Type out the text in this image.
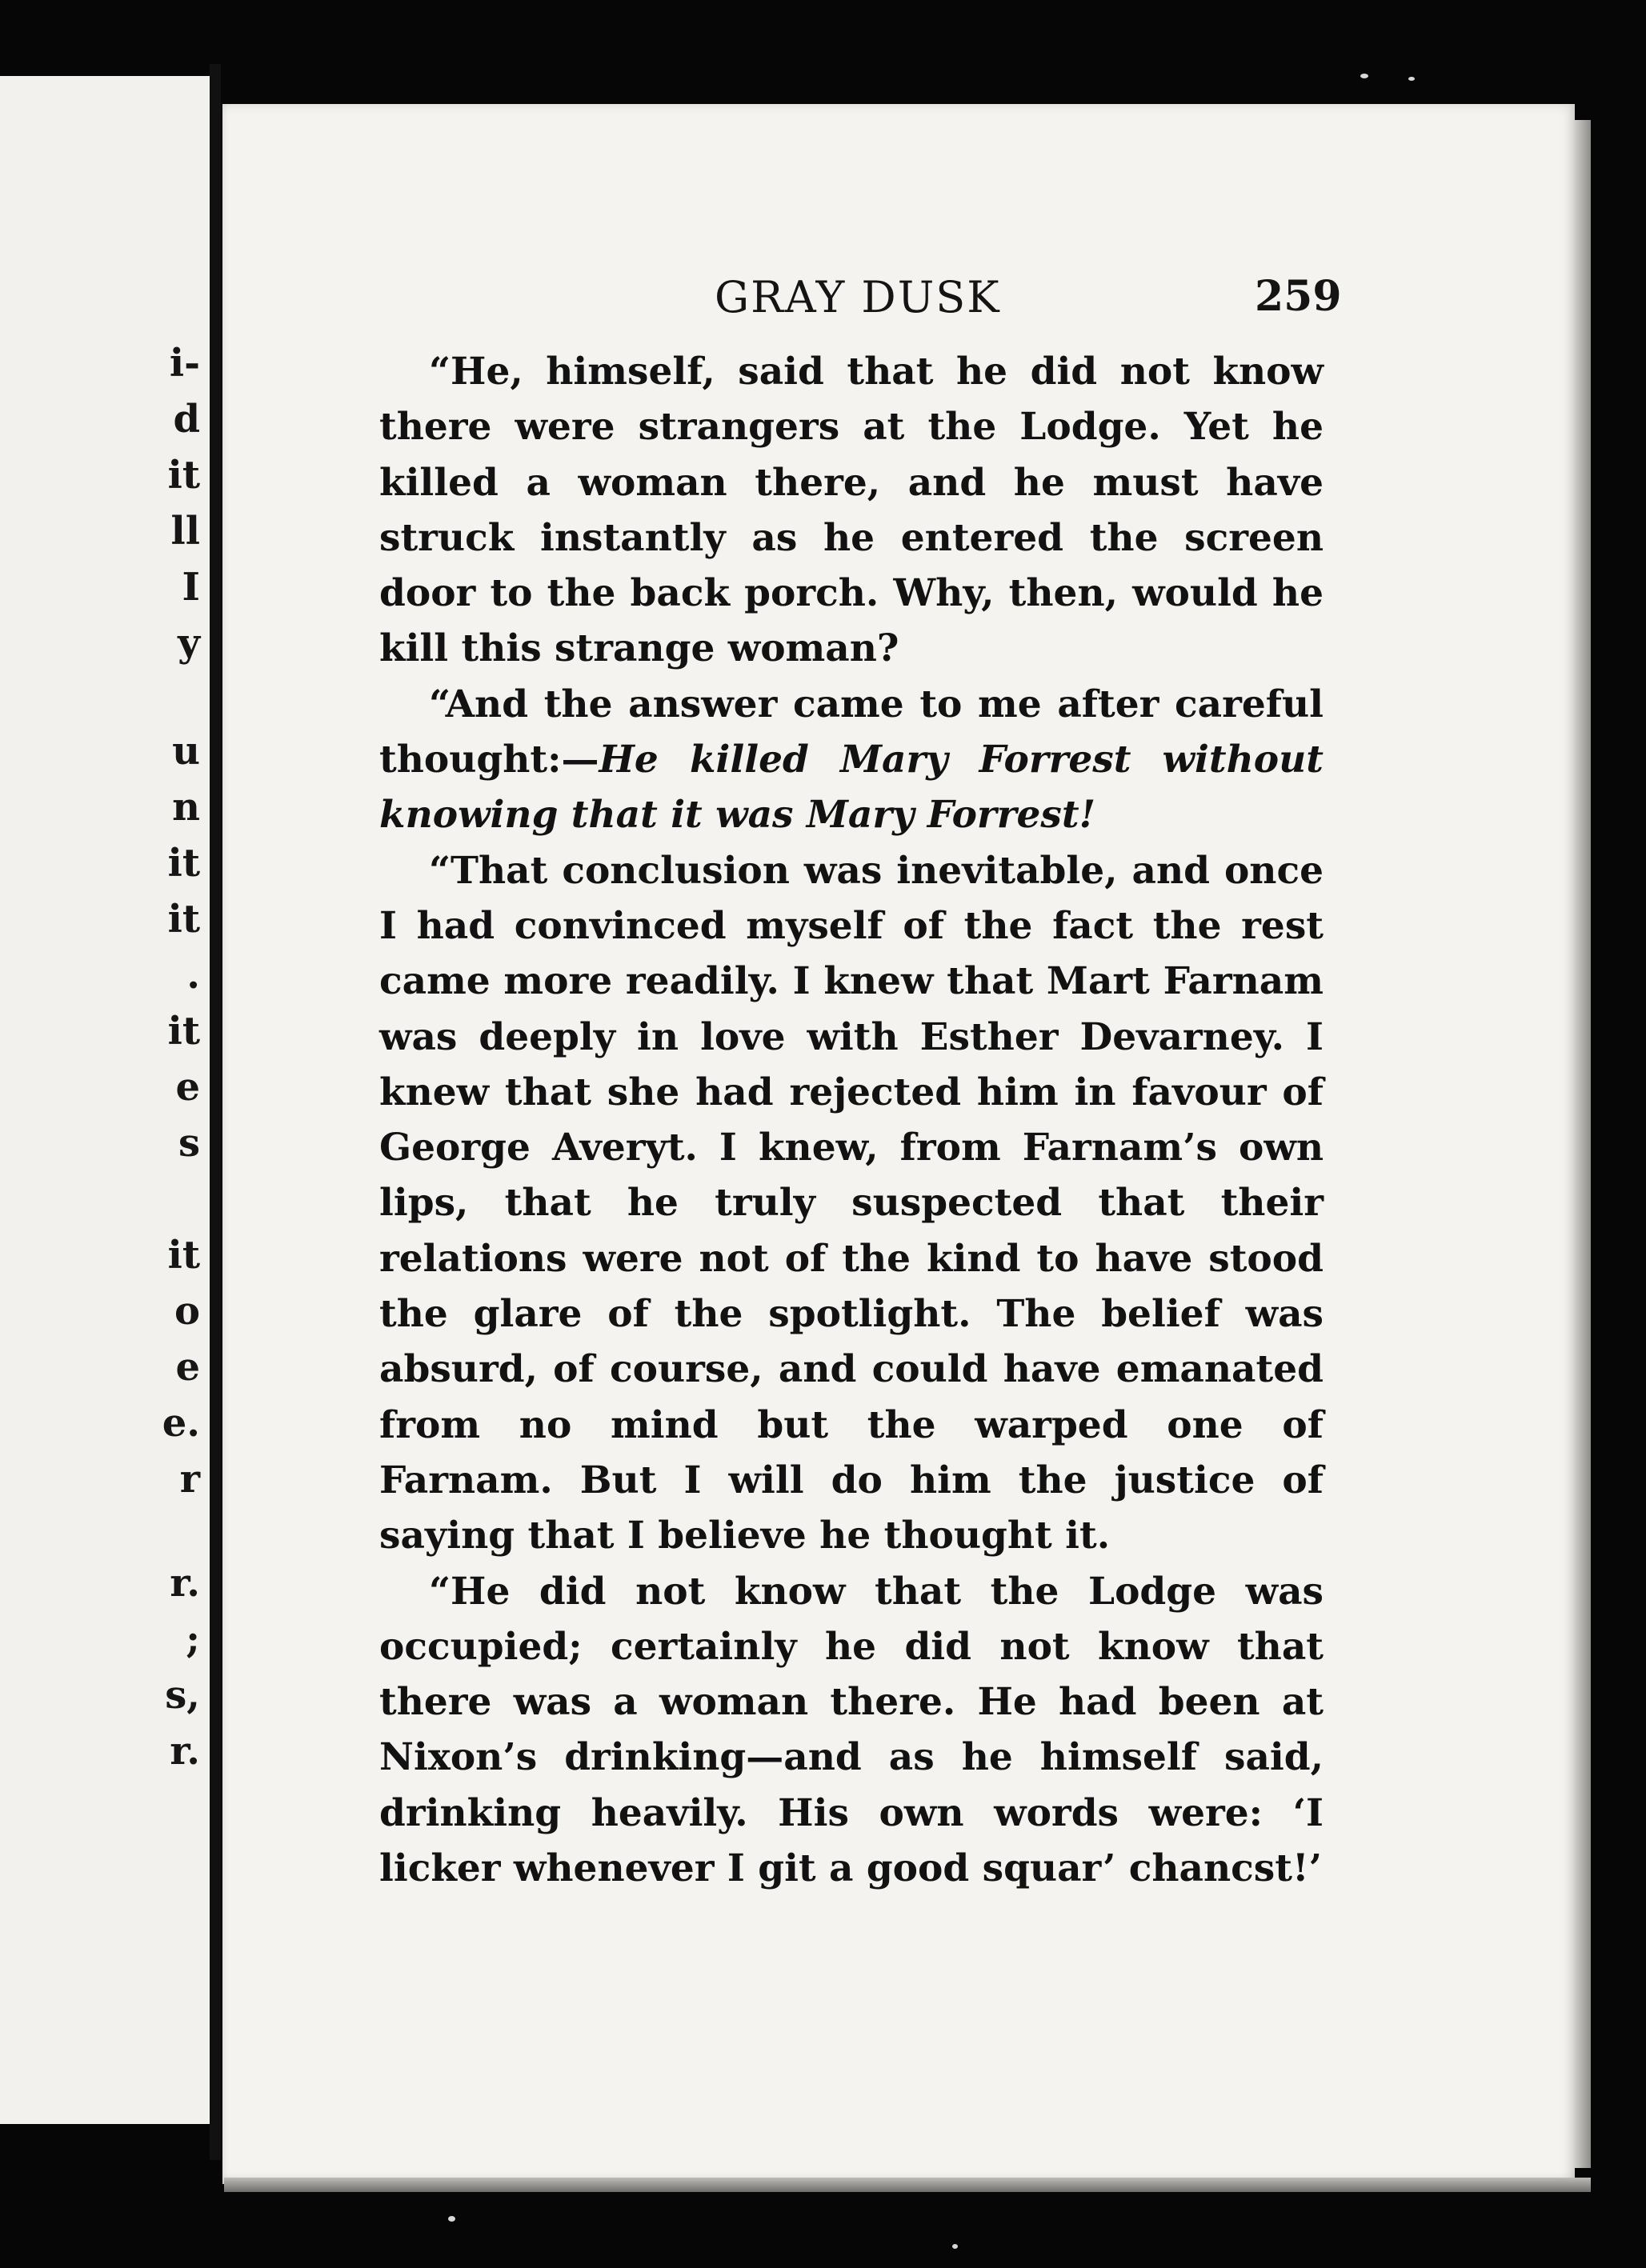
i-
d
it
ll
I
y
u
n
it
it
.
it
e
s
it
o
e
e.
r
r.
;
s,
r.
GRAY DUSK	259

“He, himself, said that he did not know there were strangers at the Lodge. Yet he killed a woman there, and he must have struck instantly as he entered the screen door to the back porch. Why, then, would he kill this strange woman?

“And the answer came to me after careful thought:—He killed Mary Forrest without knowing that it was Mary Forrest!

“That conclusion was inevitable, and once I had convinced myself of the fact the rest came more readily. I knew that Mart Farnam was deeply in love with Esther Devarney. I knew that she had rejected him in favour of George Averyt. I knew, from Farnam’s own lips, that he truly suspected that their relations were not of the kind to have stood the glare of the spotlight. The belief was absurd, of course, and could have emanated from no mind but the warped one of Farnam. But I will do him the justice of saying that I believe he thought it.

“He did not know that the Lodge was occupied; certainly he did not know that there was a woman there. He had been at Nixon’s drinking—and as he himself said, drinking heavily. His own words were: ‘I licker whenever I git a good squar’ chancst!’
